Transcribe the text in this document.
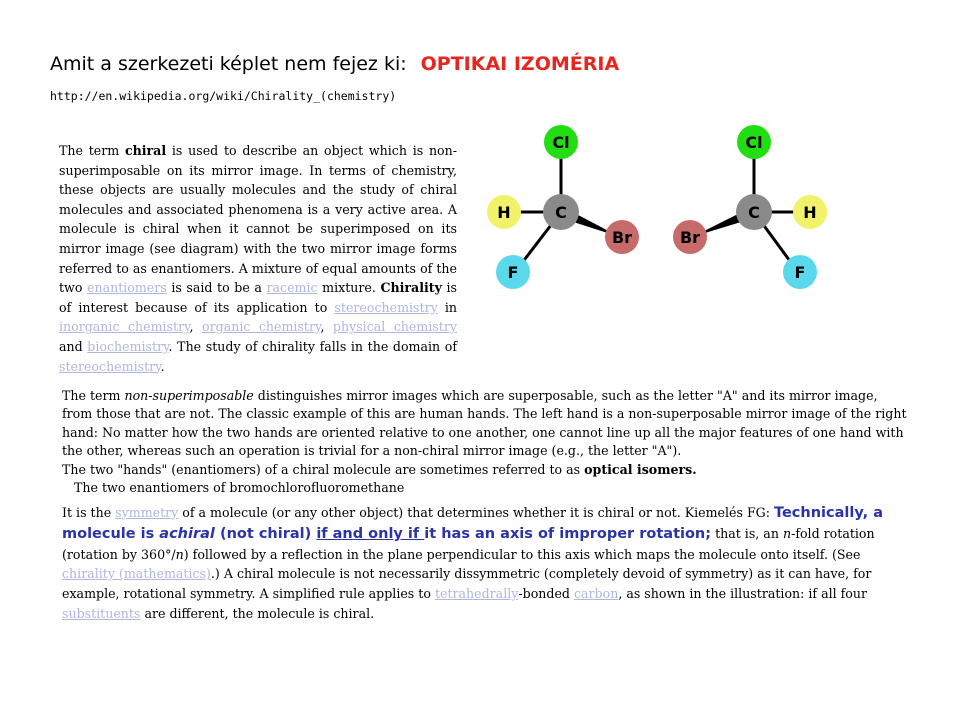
Amit a szerkezeti képlet nem fejez ki: OPTIKAI IZOMÉRIA
http://en.wikipedia.org/wiki/Chirality_(chemistry)
The term chiral is used to describe an object which is non-superimposable on its mirror image. In terms of chemistry, these objects are usually molecules and the study of chiral molecules and associated phenomena is a very active area. A molecule is chiral when it cannot be superimposed on its mirror image (see diagram) with the two mirror image forms referred to as enantiomers. A mixture of equal amounts of the two enantiomers is said to be a racemic mixture. Chirality is of interest because of its application to stereochemistry in inorganic chemistry, organic chemistry, physical chemistry and biochemistry. The study of chirality falls in the domain of stereochemistry.
Cl
H	C
Br
F
Cl
H
C
Br
F
The term non-superimposable distinguishes mirror images which are superposable, such as the letter "A" and its mirror image, from those that are not. The classic example of this are human hands. The left hand is a non-superposable mirror image of the right hand: No matter how the two hands are oriented relative to one another, one cannot line up all the major features of one hand with the other, whereas such an operation is trivial for a non-chiral mirror image (e.g., the letter "A").
The two "hands" (enantiomers) of a chiral molecule are sometimes referred to as optical isomers.
The two enantiomers of bromochlorofluoromethane
It is the symmetry of a molecule (or any other object) that determines whether it is chiral or not. Kiemelés FG: Technically, a molecule is achiral (not chiral) if and only if it has an axis of improper rotation; that is, an n-fold rotation (rotation by 360°/n) followed by a reflection in the plane perpendicular to this axis which maps the molecule onto itself. (See chirality (mathematics).) A chiral molecule is not necessarily dissymmetric (completely devoid of symmetry) as it can have, for example, rotational symmetry. A simplified rule applies to tetrahedrally-bonded carbon, as shown in the illustration: if all four substituents are different, the molecule is chiral.
